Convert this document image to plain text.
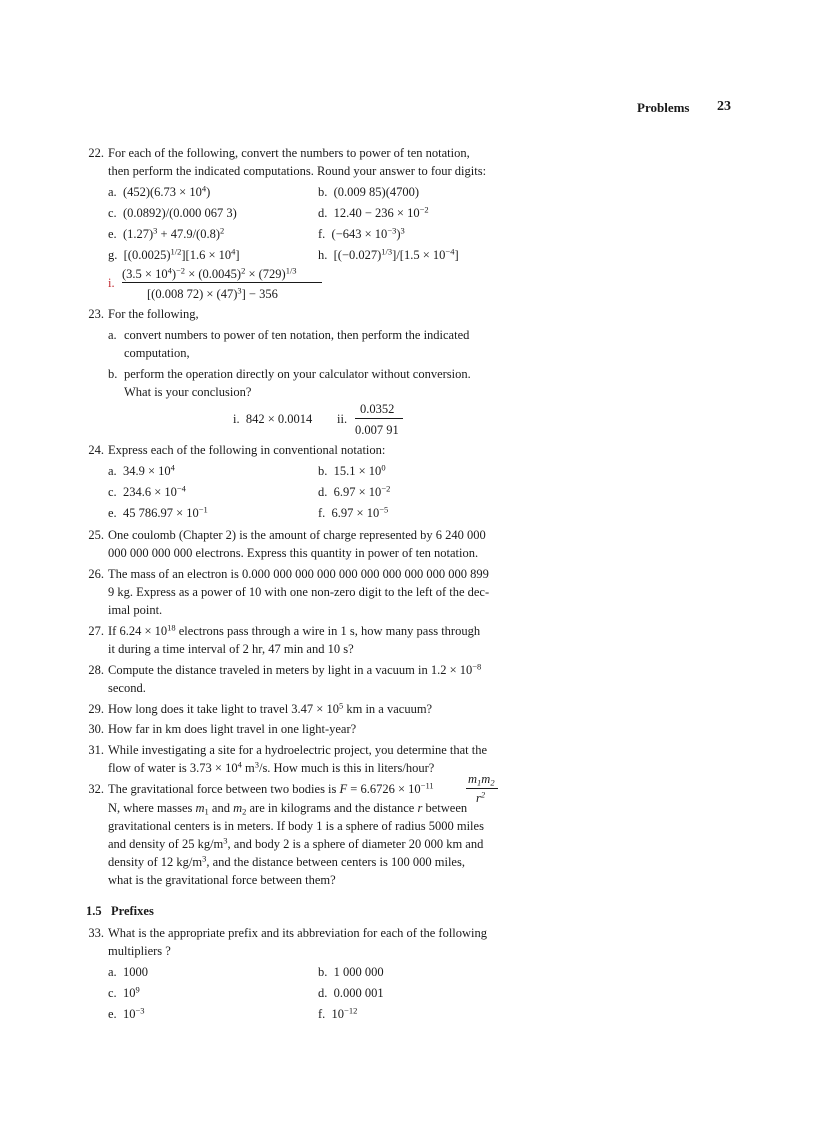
Problems 23
22. For each of the following, convert the numbers to power of ten notation,
then perform the indicated computations. Round your answer to four digits:
a. $(452)(6.73 \times 10^4)$	b. (0.009 85)(4700)
c. (0.0892)/(0.000 067 3)	d. $12.40 - 236 \times 10^{-2}$
e. $(1.27)^3 + 47.9/(0.8)^2$	f. $(-643 \times 10^{-3})^3$
g. $[(0.0025)^{1/2}][1.6 \times 10^4]$	h. $[(-0.027)^{1/3}]/[1.5 \times 10^{-4}]$
i.
$(3.5 \times 10^4)^{-2} \times (0.0045)^2 \times (729)^{1/3}$
[(0.008 $72) \times (47)^3] - 356$
23. For the following,
a. convert numbers to power of ten notation, then perform the indicated
computation,
b. perform the operation directly on your calculator without conversion.
What is your conclusion?
i. 842 × 0.0014 ii.
0.0352
0.007 91
24. Express each of the following in conventional notation:
a. $34.9 \times 10^4$	b. $15.1 \times 10^0$
c. $234.6 \times 10^{-4}$	d. $6.97 \times 10^{-2}$
e. 45 $786.97 \times 10^{-1}$	f. $6.97 \times 10^{-5}$
25. One coulomb (Chapter 2) is the amount of charge represented by 6 240 000
000 000 000 000 electrons. Express this quantity in power of ten notation.
26. The mass of an electron is 0.000 000 000 000 000 000 000 000 000 000 899
9 kg. Express as a power of 10 with one non-zero digit to the left of the dec-
imal point.
27. If $6.24 \times 10^{18}$ electrons pass through a wire in 1 s, how many pass through
it during a time interval of 2 hr, 47 min and 10 s?
28. Compute the distance traveled in meters by light in a vacuum in $1.2 \times 10^{-8}$
second.
29. How long does it take light to travel $3.47 \times 10^5$ km in a vacuum?
30. How far in km does light travel in one light-year?
31. While investigating a site for a hydroelectric project, you determine that the
flow of water is $3.73 \times 10^4$ $m^3/s$. How much is this in liters/hour?
32. The gravitational force between two bodies is $F = 6.6726 \times 10^{-11}$	$m_1m_2$
$r^2$
N, where masses $m_1$ and $m_2$ are in kilograms and the distance r between
gravitational centers is in meters. If body 1 is a sphere of radius 5000 miles
and density of 25 $kg/m^3$, and body 2 is a sphere of diameter 20 000 km and
density of 12 $kg/m^3$, and the distance between centers is 100 000 miles,
what is the gravitational force between them?
1.5 Prefixes
33. What is the appropriate prefix and its abbreviation for each of the following
multipliers ?
a. 1000	b. 1 000 000
c. $10^9$	d. 0.000 001
e. $10^{-3}$	f. $10^{-12}$
